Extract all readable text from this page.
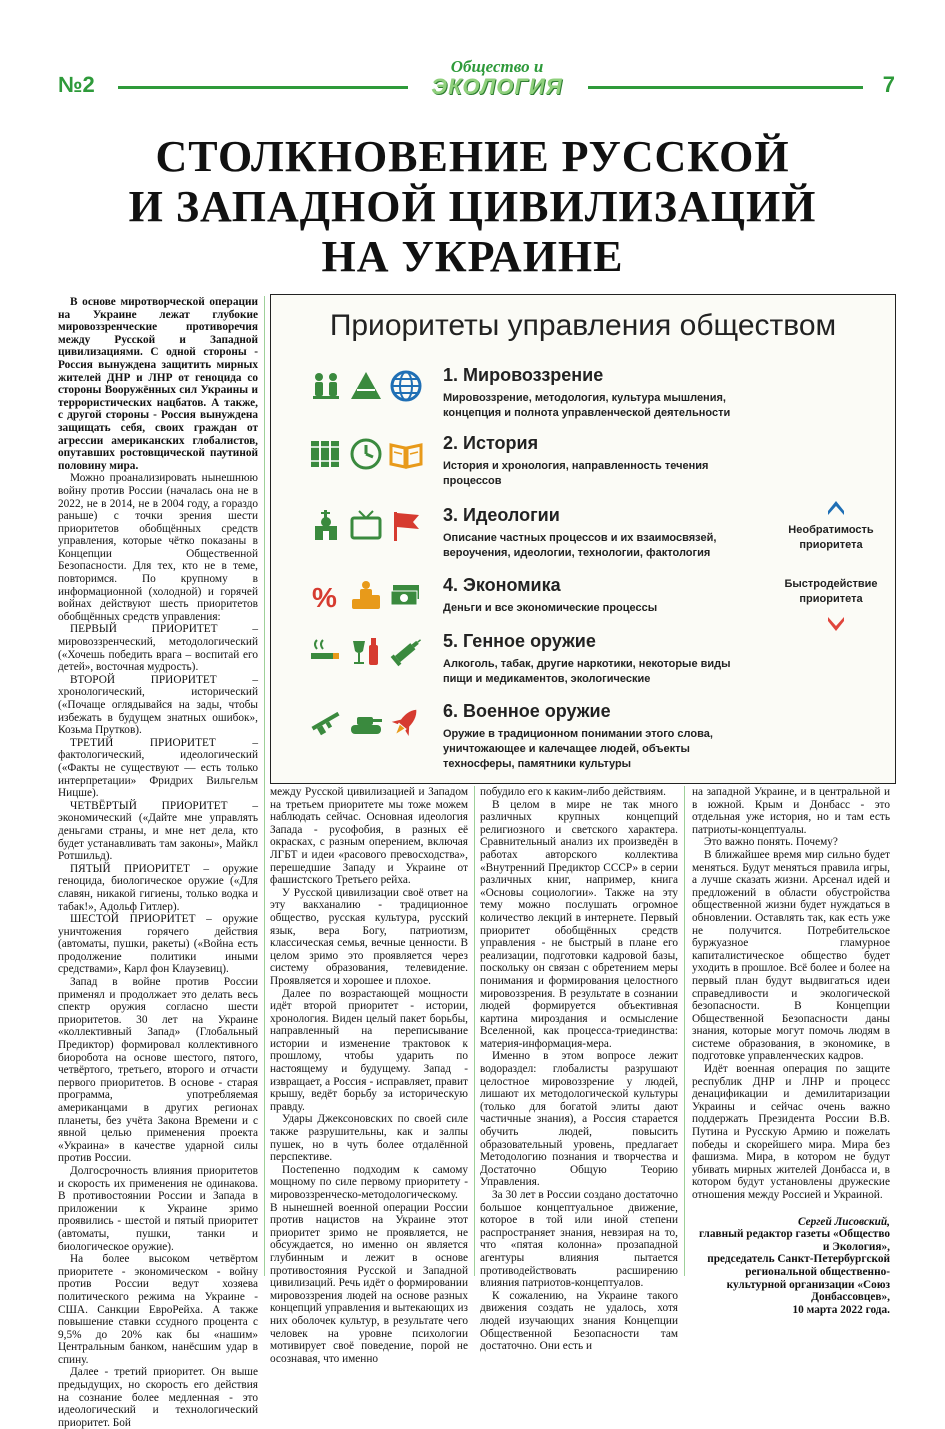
№2
Общество и
ЭКОЛОГИЯ	7
СТОЛКНОВЕНИЕ РУССКОЙ
И ЗАПАДНОЙ ЦИВИЛИЗАЦИЙ
НА УКРАИНЕ

В основе миротворческой операции на Украине лежат глубокие мировоззренческие противоречия между Русской и Западной цивилизациями. С одной стороны - Россия вынуждена защитить мирных жителей ДНР и ЛНР от геноцида со стороны Вооружённых сил Украины и террористических нацбатов. А также, с другой стороны - Россия вынуждена защищать себя, своих граждан от агрессии американских глобалистов, опутавших ростовщической паутиной половину мира.

Можно проанализировать нынешнюю войну против России (началась она не в 2022, не в 2014, не в 2004 году, а гораздо раньше) с точки зрения шести приоритетов обобщённых средств управления, которые чётко показаны в Концепции Общественной Безопасности. Для тех, кто не в теме, повторимся. По крупному в информационной (холодной) и горячей войнах действуют шесть приоритетов обобщённых средств управления:

ПЕРВЫЙ ПРИОРИТЕТ – мировоззренческий, методологический («Хочешь победить врага – воспитай его детей», восточная мудрость).

ВТОРОЙ ПРИОРИТЕТ – хронологический, исторический («Почаще оглядывайся на зады, чтобы избежать в будущем знатных ошибок», Козьма Прутков).

ТРЕТИЙ ПРИОРИТЕТ – фактологический, идеологический («Факты не существуют — есть только интерпретации» Фридрих Вильгельм Ницше).

ЧЕТВЁРТЫЙ ПРИОРИТЕТ – экономический («Дайте мне управлять деньгами страны, и мне нет дела, кто будет устанавливать там законы», Майкл Ротшильд).

ПЯТЫЙ ПРИОРИТЕТ – оружие геноцида, биологическое оружие («Для славян, никакой гигиены, только водка и табак!», Адольф Гитлер).

ШЕСТОЙ ПРИОРИТЕТ – оружие уничтожения горячего действия (автоматы, пушки, ракеты) («Война есть продолжение политики иными средствами», Карл фон Клаузевиц).

Запад в войне против России применял и продолжает это делать весь спектр оружия согласно шести приоритетов. 30 лет на Украине «коллективный Запад» (Глобальный Предиктор) формировал коллективного биоробота на основе шестого, пятого, четвёртого, третьего, второго и отчасти первого приоритетов. В основе - старая программа, употребляемая американцами в других регионах планеты, без учёта Закона Времени и с явной целью применения проекта «Украина» в качестве ударной силы против России.

Долгосрочность влияния приоритетов и скорость их применения не одинакова. В противостоянии России и Запада в приложении к Украине зримо проявились - шестой и пятый приоритет (автоматы, пушки, танки и биологическое оружие).

На более высоком четвёртом приоритете - экономическом - войну против России ведут хозяева политического режима на Украине - США. Санкции ЕвроРейха. А также повышение ставки ссудного процента с 9,5% до 20% как бы «нашим» Центральным банком, нанёсшим удар в спину.

Далее - третий приоритет. Он выше предыдущих, но скорость его действия на сознание более медленная - это идеологический и технологический приоритет. Бой

Приоритеты управления обществом
1. Мировоззрение
Мировоззрение, методология, культура мышления, концепция и полнота управленческой деятельности
2. История
История и хронология, направленность течения процессов
3. Идеологии
Описание частных процессов и их взаимосвязей, вероучения, идеологии, технологии, фактология
%	4. Экономика
Деньги и все экономические процессы
5. Генное оружие
Алкоголь, табак, другие наркотики, некоторые виды пищи и медикаментов, экологические
6. Военное оружие
Оружие в традиционном понимании этого слова, уничтожающее и калечащее людей, объекты техносферы, памятники культуры
Необратимость приоритета
Быстродействие приоритета

между Русской цивилизацией и Западом на третьем приоритете мы тоже можем наблюдать сейчас. Основная идеология Запада - русофобия, в разных её окрасках, с разным оперением, включая ЛГБТ и идеи «расового превосходства», перешедшие Западу и Украине от фашистского Третьего рейха.

У Русской цивилизации своё ответ на эту вакханалию - традиционное общество, русская культура, русский язык, вера Богу, патриотизм, классическая семья, вечные ценности. В целом зримо это проявляется через систему образования, телевидение. Проявляется и хорошее и плохое.

Далее по возрастающей мощности идёт второй приоритет - истории, хронология. Виден целый пакет борьбы, направленный на переписывание истории и изменение трактовок к прошлому, чтобы ударить по настоящему и будущему. Запад - извращает, а Россия - исправляет, правит крышу, ведёт борьбу за историческую правду.

Удары Джексоновских по своей силе также разрушительны, как и залпы пушек, но в чуть более отдалённой перспективе.

Постепенно подходим к самому мощному по силе первому приоритету - мировоззренческо-методологическому. В нынешней военной операции России против нацистов на Украине этот приоритет зримо не проявляется, не обсуждается, но именно он является глубинным и лежит в основе противостояния Русской и Западной цивилизаций. Речь идёт о формировании мировоззрения людей на основе разных концепций управления и вытекающих из них оболочек культур, в результате чего человек на уровне психологии мотивирует своё поведение, порой не осознавая, что именно

побудило его к каким-либо действиям.

В целом в мире не так много различных крупных концепций религиозного и светского характера. Сравнительный анализ их произведён в работах авторского коллектива «Внутренний Предиктор СССР» в серии различных книг, например, книга «Основы социологии». Также на эту тему можно послушать огромное количество лекций в интернете. Первый приоритет обобщённых средств управления - не быстрый в плане его реализации, подготовки кадровой базы, поскольку он связан с обретением меры понимания и формирования целостного мировоззрения. В результате в сознании людей формируется объективная картина мироздания и осмысление Вселенной, как процесса-триединства: материя-информация-мера.

Именно в этом вопросе лежит водораздел: глобалисты разрушают целостное мировоззрение у людей, лишают их методологической культуры (только для богатой элиты дают частичные знания), а Россия старается обучить людей, повысить образовательный уровень, предлагает Методологию познания и творчества и Достаточно Общую Теорию Управления.

За 30 лет в России создано достаточно большое концептуальное движение, которое в той или иной степени распространяет знания, невзирая на то, что «пятая колонна» прозападной агентуры влияния пытается противодействовать расширению влияния патриотов-концептуалов.

К сожалению, на Украине такого движения создать не удалось, хотя людей изучающих знания Концепции Общественной Безопасности там достаточно. Они есть и

на западной Украине, и в центральной и в южной. Крым и Донбасс - это отдельная уже история, но и там есть патриоты-концептуалы.

Это важно понять. Почему?

В ближайшее время мир сильно будет меняться. Будут меняться правила игры, а лучше сказать жизни. Арсенал идей и предложений в области обустройства общественной жизни будет нуждаться в обновлении. Оставлять так, как есть уже не получится. Потребительское буржуазное гламурное капиталистическое общество будет уходить в прошлое. Всё более и более на первый план будут выдвигаться идеи справедливости и экологической безопасности. В Концепции Общественной Безопасности даны знания, которые могут помочь людям в системе образования, в экономике, в подготовке управленческих кадров.

Идёт военная операция по защите республик ДНР и ЛНР и процесс денацификации и демилитаризации Украины и сейчас очень важно поддержать Президента России В.В. Путина и Русскую Армию и пожелать победы и скорейшего мира. Мира без фашизма. Мира, в котором не будут убивать мирных жителей Донбасса и, в котором будут установлены дружеские отношения между Россией и Украиной.

Сергей Лисовский,

главный редактор газеты «Общество и Экология»,

председатель Санкт-Петербургской региональной общественно-культурной организации «Союз Донбассовцев»,

10 марта 2022 года.
